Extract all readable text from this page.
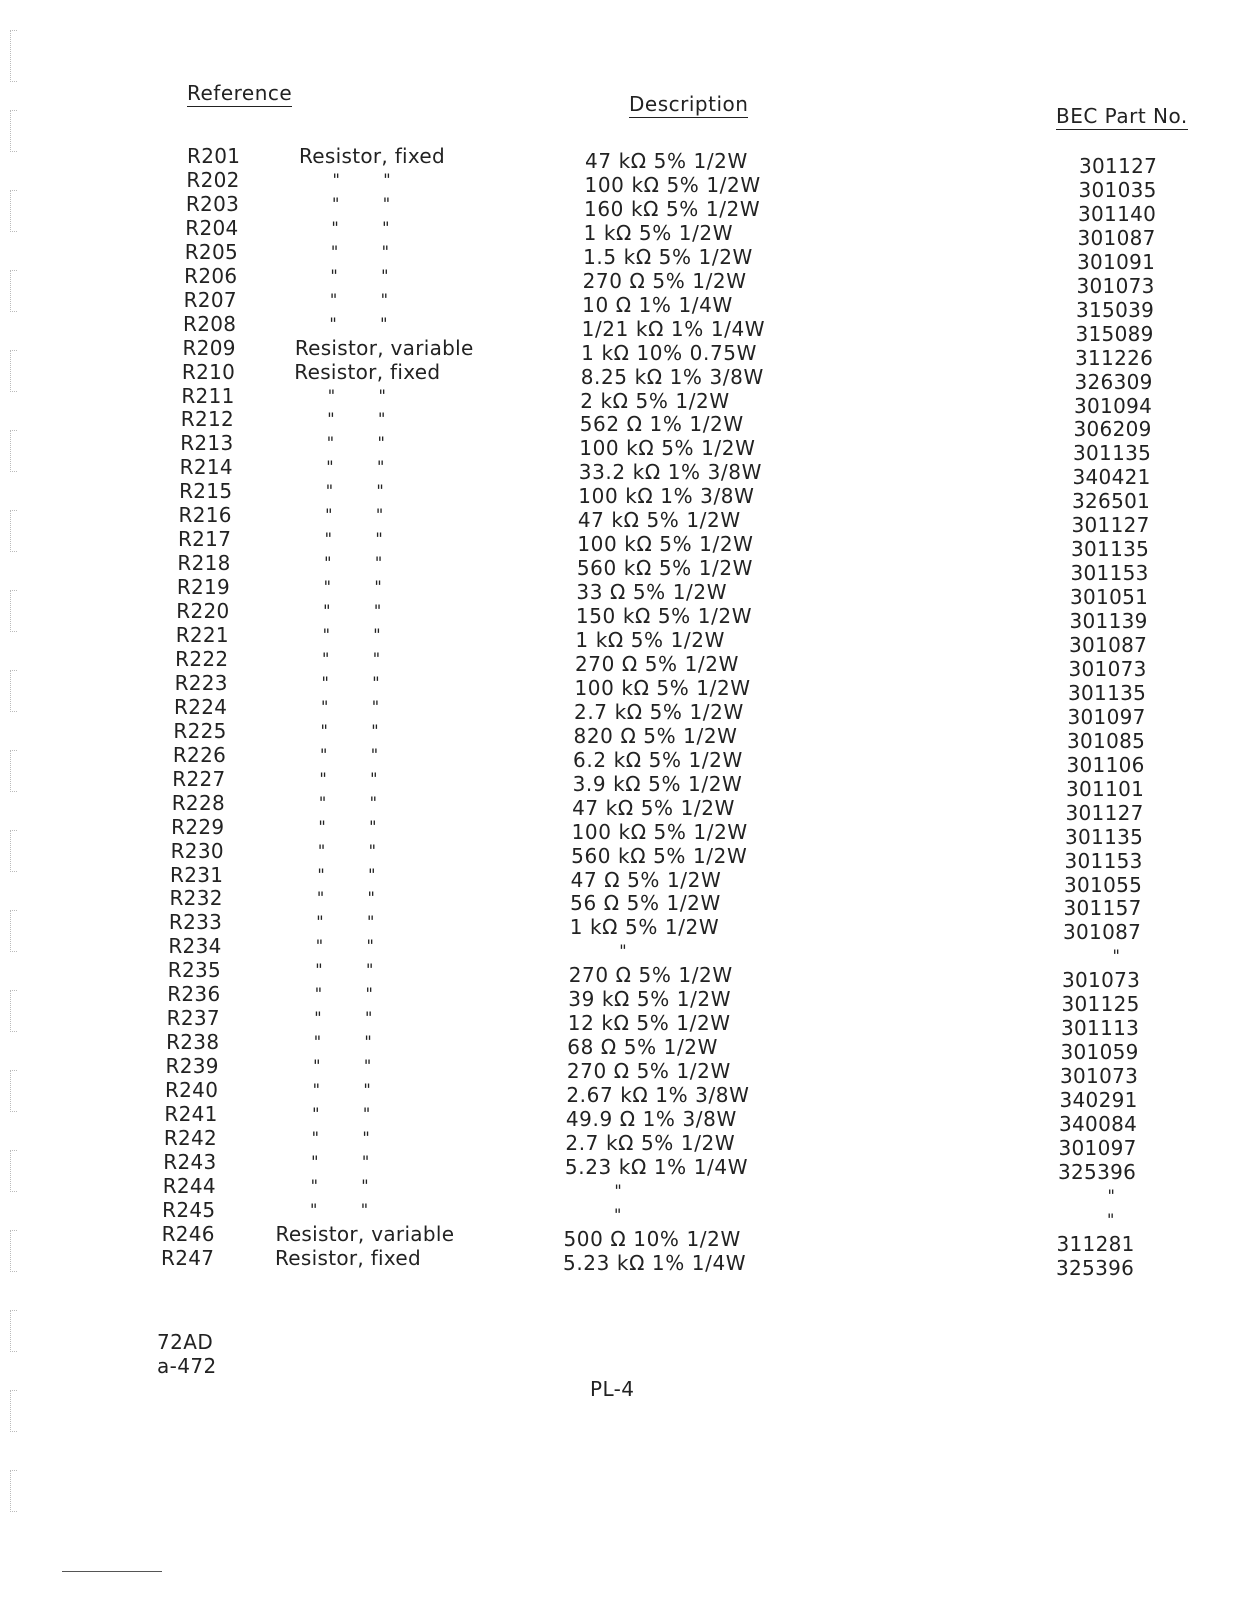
Reference	Description	BEC Part No.
R201	Resistor, fixed	47 kΩ 5% 1/2W	301127
R202	"        "	100 kΩ 5% 1/2W	301035
R203	"        "	160 kΩ 5% 1/2W	301140
R204	"        "	1 kΩ 5% 1/2W	301087
R205	"        "	1.5 kΩ 5% 1/2W	301091
R206	"        "	270 Ω 5% 1/2W	301073
R207	"        "	10 Ω 1% 1/4W	315039
R208	"        "	1/21 kΩ 1% 1/4W	315089
R209	Resistor, variable	1 kΩ 10% 0.75W	311226
R210	Resistor, fixed	8.25 kΩ 1% 3/8W	326309
R211	"        "	2 kΩ 5% 1/2W	301094
R212	"        "	562 Ω 1% 1/2W	306209
R213	"        "	100 kΩ 5% 1/2W	301135
R214	"        "	33.2 kΩ 1% 3/8W	340421
R215	"        "	100 kΩ 1% 3/8W	326501
R216	"        "	47 kΩ 5% 1/2W	301127
R217	"        "	100 kΩ 5% 1/2W	301135
R218	"        "	560 kΩ 5% 1/2W	301153
R219	"        "	33 Ω 5% 1/2W	301051
R220	"        "	150 kΩ 5% 1/2W	301139
R221	"        "	1 kΩ 5% 1/2W	301087
R222	"        "	270 Ω 5% 1/2W	301073
R223	"        "	100 kΩ 5% 1/2W	301135
R224	"        "	2.7 kΩ 5% 1/2W	301097
R225	"        "	820 Ω 5% 1/2W	301085
R226	"        "	6.2 kΩ 5% 1/2W	301106
R227	"        "	3.9 kΩ 5% 1/2W	301101
R228	"        "	47 kΩ 5% 1/2W	301127
R229	"        "	100 kΩ 5% 1/2W	301135
R230	"        "	560 kΩ 5% 1/2W	301153
R231	"        "	47 Ω 5% 1/2W	301055
R232	"        "	56 Ω 5% 1/2W	301157
R233	"        "	1 kΩ 5% 1/2W	301087
R234	"        "	"	"
R235	"        "	270 Ω 5% 1/2W	301073
R236	"        "	39 kΩ 5% 1/2W	301125
R237	"        "	12 kΩ 5% 1/2W	301113
R238	"        "	68 Ω 5% 1/2W	301059
R239	"        "	270 Ω 5% 1/2W	301073
R240	"        "	2.67 kΩ 1% 3/8W	340291
R241	"        "	49.9 Ω 1% 3/8W	340084
R242	"        "	2.7 kΩ 5% 1/2W	301097
R243	"        "	5.23 kΩ 1% 1/4W	325396
R244	"        "	"	"
R245	"        "	"	"
R246	Resistor, variable	500 Ω 10% 1/2W	311281
R247	Resistor, fixed	5.23 kΩ 1% 1/4W	325396
72AD
a-472
PL-4
